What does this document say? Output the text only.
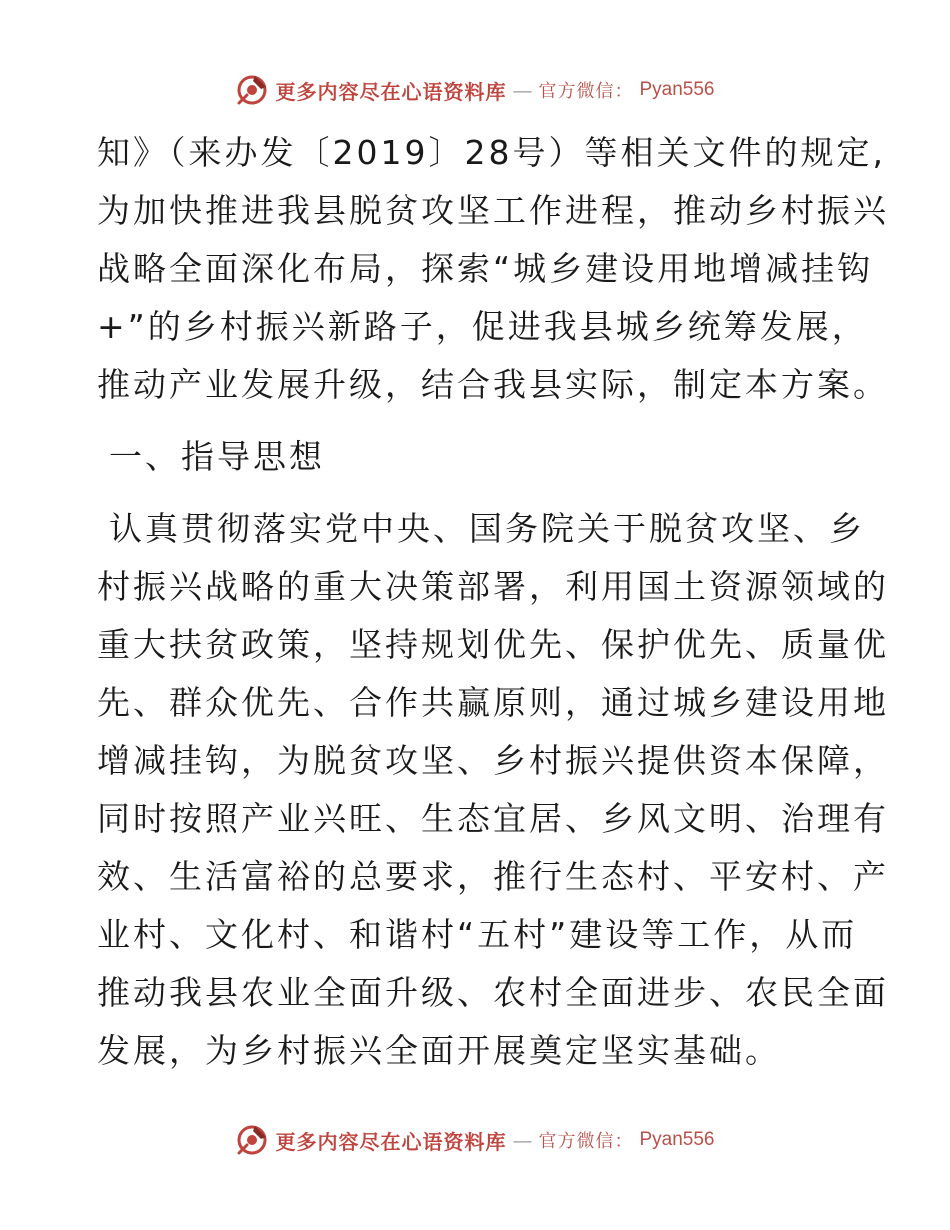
更多内容尽在心语资料库 — 官方微信： Pyan556
知》（来办发〔2019〕28号）等相关文件的规定,
为加快推进我县脱贫攻坚工作进程，推动乡村振兴
战略全面深化布局，探索“城乡建设用地增减挂钩
+”的乡村振兴新路子，促进我县城乡统筹发展，
推动产业发展升级，结合我县实际，制定本方案。
一、指导思想
认真贯彻落实党中央、国务院关于脱贫攻坚、乡
村振兴战略的重大决策部署，利用国土资源领域的
重大扶贫政策，坚持规划优先、保护优先、质量优
先、群众优先、合作共赢原则，通过城乡建设用地
增减挂钩，为脱贫攻坚、乡村振兴提供资本保障，
同时按照产业兴旺、生态宜居、乡风文明、治理有
效、生活富裕的总要求，推行生态村、平安村、产
业村、文化村、和谐村“五村”建设等工作，从而
推动我县农业全面升级、农村全面进步、农民全面
发展，为乡村振兴全面开展奠定坚实基础。
更多内容尽在心语资料库 — 官方微信： Pyan556
